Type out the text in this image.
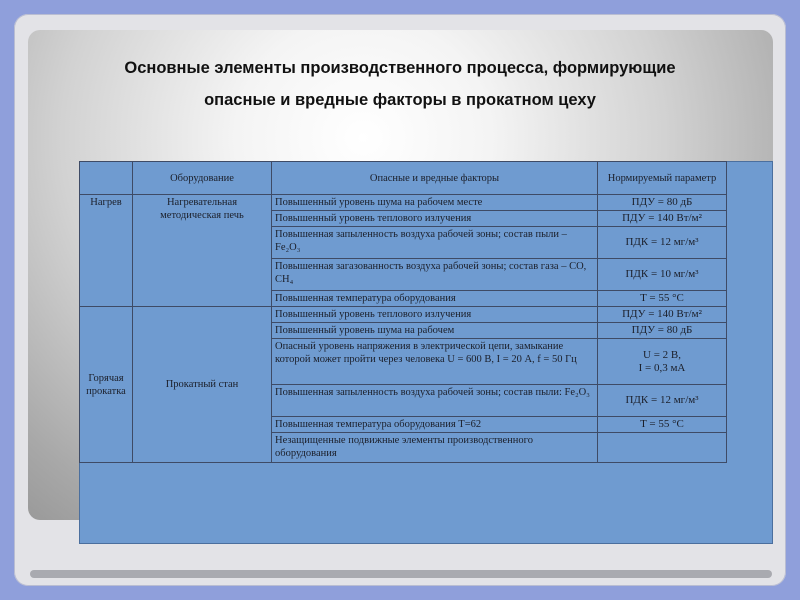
Основные элементы производственного процесса, формирующие
опасные и вредные факторы в прокатном цеху
	Оборудование	Опасные и вредные факторы	Нормируемый параметр
Нагрев	Нагревательная методическая печь	Повышенный уровень шума на рабочем месте	ПДУ = 80 дБ
		Повышенный уровень теплового излучения	ПДУ = 140 Вт/м²
		Повышенная запыленность воздуха рабочей зоны; состав пыли – Fe₂O₃	ПДК = 12 мг/м³
		Повышенная загазованность воздуха рабочей зоны; состав газа – CO, CH₄	ПДК = 10 мг/м³
		Повышенная температура оборудования	T = 55 °C
Горячая прокатка	Прокатный стан	Повышенный уровень теплового излучения	ПДУ = 140 Вт/м²
		Повышенный уровень шума на рабочем	ПДУ = 80 дБ
		Опасный уровень напряжения в электрической цепи, замыкание которой может пройти через человека U = 600 В, I = 20 А, f = 50 Гц	U = 2 В,
I = 0,3 мА
		Повышенная запыленность воздуха рабочей зоны; состав пыли: Fe₂O₃	ПДК = 12 мг/м³
		Повышенная температура оборудования T=62	T = 55 °C
		Незащищенные подвижные элементы производственного оборудования	
